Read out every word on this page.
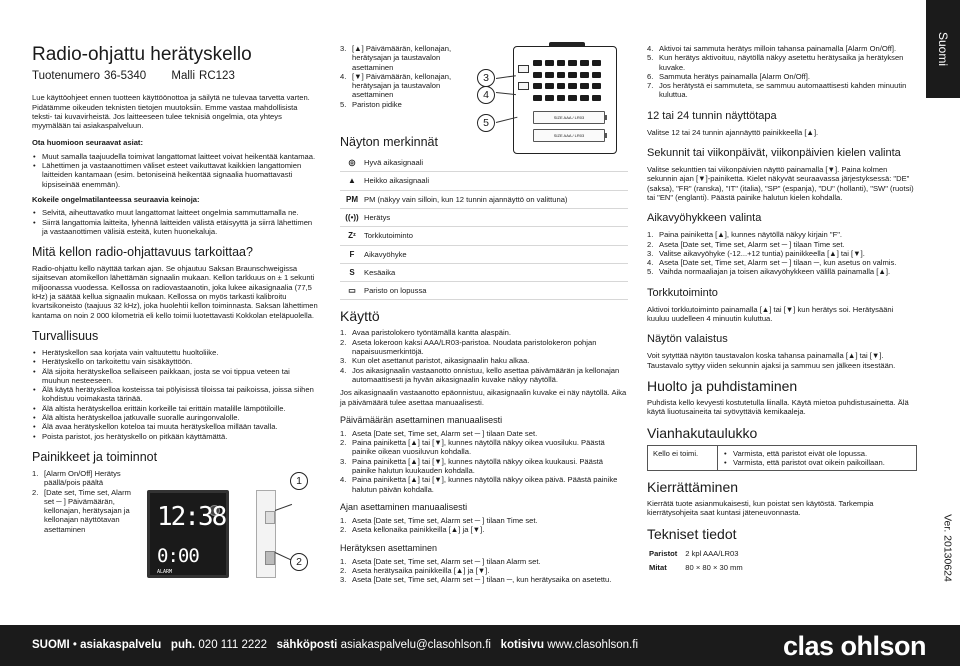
Suomi
Radio-ohjattu herätyskello
Tuotenumero 36-5340 Malli RC123

Lue käyttöohjeet ennen tuotteen käyttöönottoa ja säilytä ne tulevaa tarvetta varten. Pidätämme oikeuden teknisten tietojen muutoksiin. Emme vastaa mahdollisista teksti- tai kuvavirheistä. Jos laitteeseen tulee teknisiä ongelmia, ota yhteys myymälään tai asiakaspalveluun.

Ota huomioon seuraavat asiat:

• Muut samalla taajuudella toimivat langattomat laitteet voivat heikentää kantamaa.
• Lähettimen ja vastaanottimen väliset esteet vaikuttavat kaikkien langattomien laitteiden kantamaan (esim. betoniseinä heikentää signaalia huomattavasti kipsiseinää enemmän).

Kokeile ongelmatilanteessa seuraavia keinoja:

• Selvitä, aiheuttavatko muut langattomat laitteet ongelmia sammuttamalla ne.
• Siirrä langattomia laitteita, lyhennä laitteiden välistä etäisyyttä ja siirrä lähettimen ja vastaanottimen välisiä esteitä, kuten huonekaluja.
Mitä kellon radio-ohjattavuus tarkoittaa?

Radio-ohjattu kello näyttää tarkan ajan. Se ohjautuu Saksan Braunschweigissa sijaitsevan atomikellon lähettämän signaalin mukaan. Kellon tarkkuus on ± 1 sekunti miljoonassa vuodessa. Kellossa on radiovastaanotin, joka lukee aikasignaalia (77,5 kHz) ja säätää kellua signaalin mukaan. Kellossa on myös tarkasti kalibroitu kvartsikoneisto (taajuus 32 kHz), joka huolehtii kellon toiminnasta. Saksan lähettimen kantama on noin 2 000 kilometriä eli kello toimii luotettavasti Kokkolan eteläpuolella.

Turvallisuus
• Herätyskellon saa korjata vain valtuutettu huoltoliike.
• Herätyskello on tarkoitettu vain sisäkäyttöön.
• Älä sijoita herätyskelloa sellaiseen paikkaan, josta se voi tippua veteen tai muuhun nesteeseen.
• Älä käytä herätyskelloa kosteissa tai pölyisissä tiloissa tai paikoissa, joissa siihen kohdistuu voimakasta tärinää.
• Älä altista herätyskelloa erittäin korkeille tai erittäin matalille lämpötiloille.
• Älä altista herätyskelloa jatkuvalle suoralle auringonvalolle.
• Älä avaa herätyskellon koteloa tai muuta herätyskelloa millään tavalla.
• Poista paristot, jos herätyskello on pitkään käyttämättä.
Painikkeet ja toiminnot
1. [Alarm On/Off] Herätys päällä/pois päältä
2. [Date set, Time set, Alarm set ─ ] Päivämäärän, kellonajan, herätysajan ja kellonajan näyttötavan asettaminen	12:38
0:00
ALARM
1
2
3. [▲] Päivämäärän, kellonajan, herätysajan ja taustavalon asettaminen
4. [▼] Päivämäärän, kellonajan, herätysajan ja taustavalon asettaminen
5. Pariston pidike
Näyton merkinnät
◎	Hyvä aikasignaali
▲	Heikko aikasignaali
PM PM (näkyy vain silloin, kun 12 tunnin ajannäyttö on valittuna)
((•)) Herätys
Zᶻ	Torkkutoiminto
F	Aikavyöhyke
S	Kesäaika
▭	Paristo on lopussa
Käyttö
1. Avaa paristolokero työntämällä kantta alaspäin.
2. Aseta lokeroon kaksi AAA/LR03-paristoa. Noudata paristolokeron pohjan napaisuusmerkintöjä.
3. Kun olet asettanut paristot, aikasignaalin haku alkaa.
4. Jos aikasignaalin vastaanotto onnistuu, kello asettaa päivämäärän ja kellonajan automaattisesti ja hyvän aikasignaalin kuvake näkyy näytöllä.

Jos aikasignaalin vastaanotto epäonnistuu, aikasignaalin kuvake ei näy näytöllä. Aika ja päivämäärä tulee asettaa manuaalisesti.

Päivämäärän asettaminen manuaalisesti
1. Aseta [Date set, Time set, Alarm set ─ ] tilaan Date set.
2. Paina painiketta [▲] tai [▼], kunnes näytöllä näkyy oikea vuosiluku. Päästä painike oikean vuosiluvun kohdalla.
3. Paina painiketta [▲] tai [▼], kunnes näytöllä näkyy oikea kuukausi. Päästä painike halutun kuukauden kohdalla.
4. Paina painiketta [▲] tai [▼], kunnes näytöllä näkyy oikea päivä. Päästä painike halutun päivän kohdalla.
Ajan asettaminen manuaalisesti
1. Aseta [Date set, Time set, Alarm set ─ ] tilaan Time set.
2. Aseta kellonaika painikkeilla [▲] ja [▼].
Herätyksen asettaminen
1. Aseta [Date set, Time set, Alarm set ─ ] tilaan Alarm set.
2. Aseta herätysaika painikkeilla [▲] ja [▼].
3. Aseta [Date set, Time set, Alarm set ─ ] tilaan ─, kun herätysaika on asetettu.
SIZE AAA / LR03
SIZE AAA / LR03
3
4
5
4. Aktivoi tai sammuta herätys milloin tahansa painamalla [Alarm On/Off].
5. Kun herätys aktivoituu, näytöllä näkyy asetettu herätysaika ja herätyksen kuvake.
6. Sammuta herätys painamalla [Alarm On/Off].
7. Jos herätystä ei sammuteta, se sammuu automaattisesti kahden minuutin kuluttua.
12 tai 24 tunnin näyttötapa

Valitse 12 tai 24 tunnin ajannäyttö painikkeella [▲].

Sekunnit tai viikonpäivät, viikonpäivien kielen valinta

Valitse sekunttien tai viikonpäivien näyttö painamalla [▼]. Paina kolmen sekunnin ajan [▼]-painiketta. Kielet näkyvät seuraavassa järjestyksessä: "DE" (saksa), "FR" (ranska), "IT" (italia), "SP" (espanja), "DU" (hollanti), "SW" (ruotsi) tai "EN" (englanti). Päästä painike halutun kielen kohdalla.

Aikavyöhykkeen valinta
1. Paina painiketta [▲], kunnes näytöllä näkyy kirjain "F".
2. Aseta [Date set, Time set, Alarm set ─ ] tilaan Time set.
3. Valitse aikavyöhyke (-12...+12 tuntia) painikkeella [▲] tai [▼].
4. Aseta [Date set, Time set, Alarm set ─ ] tilaan ─, kun asetus on valmis.
5. Vaihda normaaliajan ja toisen aikavyöhykkeen välillä painamalla [▲].
Torkkutoiminto

Aktivoi torkkutoiminto painamalla [▲] tai [▼] kun herätys soi. Herätysääni kuuluu uudelleen 4 minuutin kuluttua.

Näytön valaistus

Voit sytyttää näytön taustavalon koska tahansa painamalla [▲] tai [▼]. Taustavalo syttyy viiden sekunnin ajaksi ja sammuu sen jälkeen itsestään.

Huolto ja puhdistaminen

Puhdista kello kevyesti kostutetulla liinalla. Käytä mietoa puhdistusainetta. Älä käytä liuotusaineita tai syövyttäviä kemikaaleja.

Vianhakutaulukko
Kello ei toimi.	
•Varmista, että paristot eivät ole lopussa.
• Varmista, että paristot ovat oikein paikoillaan.
Kierrättäminen

Kierrätä tuote asianmukaisesti, kun poistat sen käytöstä. Tarkempia kierrätysohjeita saat kuntasi jäteneuvonnasta.

Tekniset tiedot
Paristot	2 kpl AAA/LR03
Mitat	80 × 80 × 30 mm	Ver. 20130624
SUOMI • asiakaspalvelu puh. 020 111 2222 sähköposti asiakaspalvelu@clasohlson.fi kotisivu www.clasohlson.fi	clas ohlson
